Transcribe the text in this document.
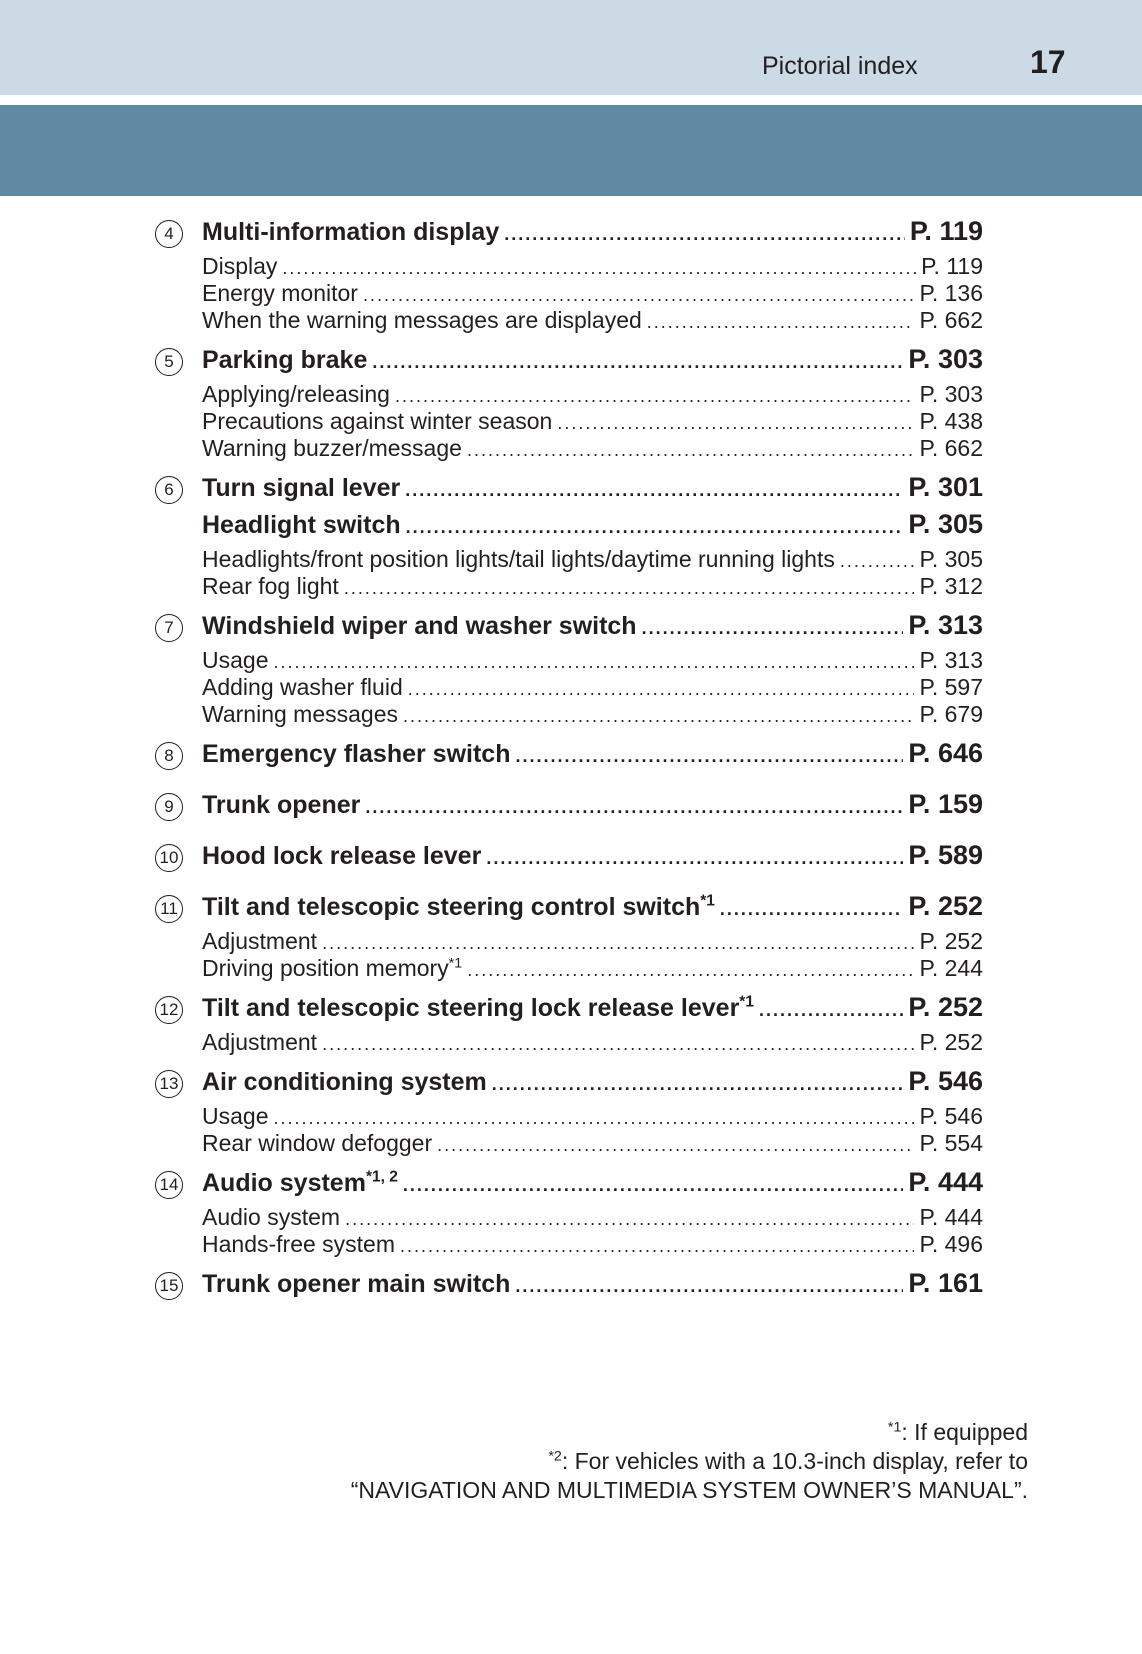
Pictorial index	17
4	Multi-information display .....	P. 119
Display .....	P. 119
Energy monitor .....	P. 136
When the warning messages are displayed .....	P. 662
5	Parking brake .....	P. 303
Applying/releasing .....	P. 303
Precautions against winter season .....	P. 438
Warning buzzer/message .....	P. 662
6	Turn signal lever .....	P. 301
Headlight switch .....	P. 305
Headlights/front position lights/tail lights/daytime running lights .....	P. 305
Rear fog light .....	P. 312
7	Windshield wiper and washer switch .....	P. 313
Usage .....	P. 313
Adding washer fluid .....	P. 597
Warning messages .....	P. 679
8	Emergency flasher switch .....	P. 646
9	Trunk opener .....	P. 159
10 Hood lock release lever .....	P. 589
11 Tilt and telescopic steering control switch$^{*1}$ .....	P. 252
Adjustment .....	P. 252
Driving position memory$^{*1}$ .....	P. 244
12 Tilt and telescopic steering lock release lever$^{*1}$ .....	P. 252
Adjustment .....	P. 252
13 Air conditioning system .....	P. 546
Usage .....	P. 546
Rear window defogger .....	P. 554
14 Audio system$^{*1, 2}$ .....	P. 444
Audio system .....	P. 444
Hands-free system .....	P. 496
15 Trunk opener main switch .....	P. 161
$^{*1}$: If equipped
$^{*2}$: For vehicles with a 10.3-inch display, refer to
“NAVIGATION AND MULTIMEDIA SYSTEM OWNER’S MANUAL”.
